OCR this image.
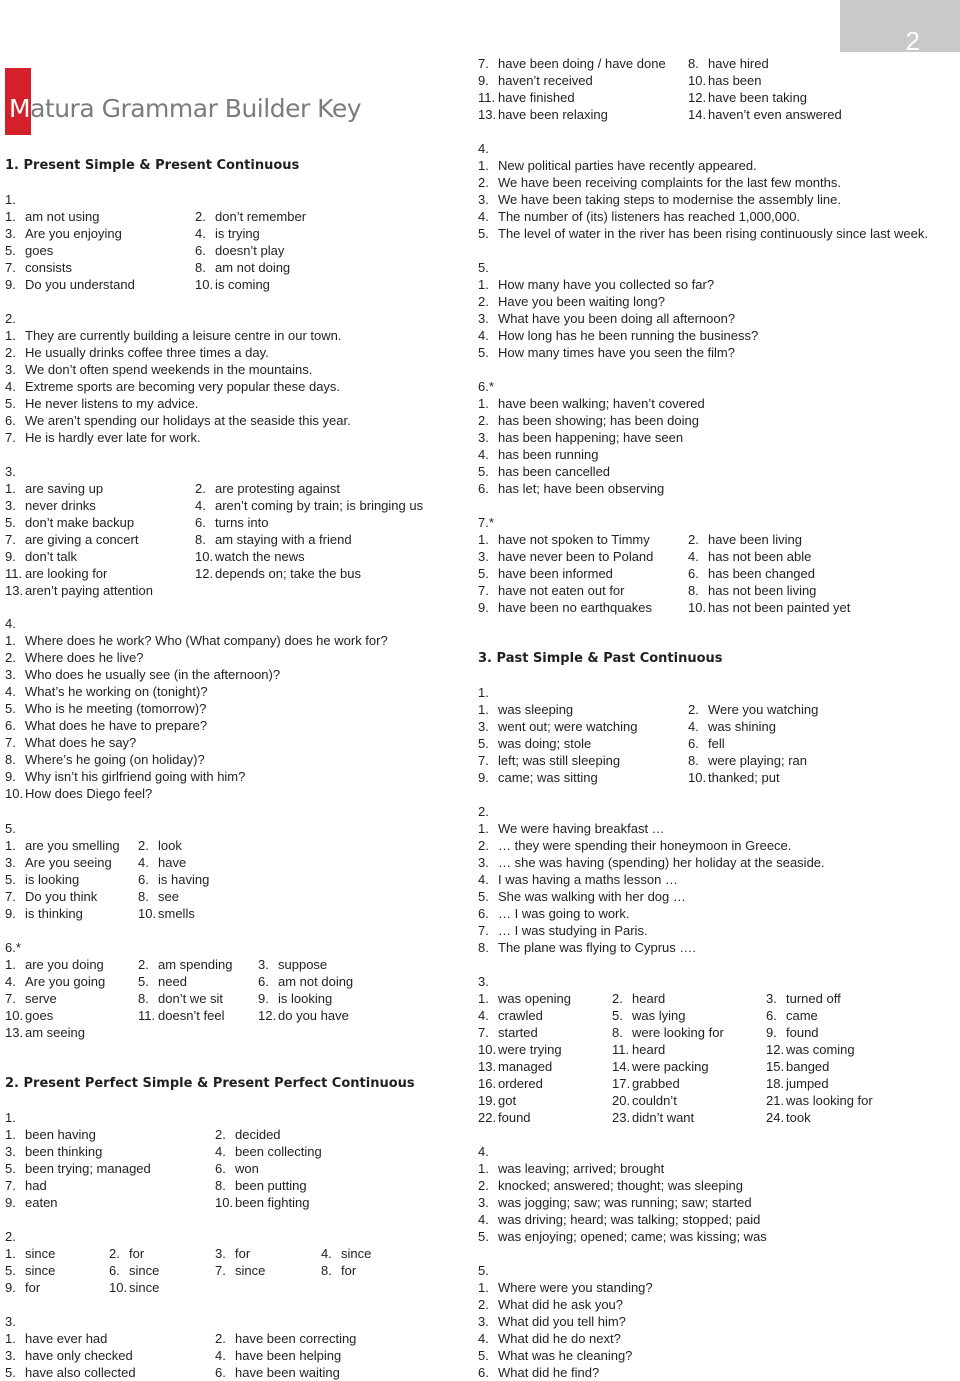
2
Matura Grammar Builder Key
1. Present Simple & Present Continuous
1.
1. am not using	2. don’t remember
3. Are you enjoying	4. is trying
5. goes	6. doesn’t play
7. consists	8. am not doing
9. Do you understand	10. is coming
2.
1. They are currently building a leisure centre in our town.
2. He usually drinks coffee three times a day.
3. We don’t often spend weekends in the mountains.
4. Extreme sports are becoming very popular these days.
5. He never listens to my advice.
6. We aren’t spending our holidays at the seaside this year.
7. He is hardly ever late for work.
3.
1. are saving up	2. are protesting against
3. never drinks	4. aren’t coming by train; is bringing us
5. don’t make backup	6. turns into
7. are giving a concert	8. am staying with a friend
9. don’t talk	10. watch the news
11. are looking for	12. depends on; take the bus
13. aren’t paying attention
4.
1. Where does he work? Who (What company) does he work for?
2. Where does he live?
3. Who does he usually see (in the afternoon)?
4. What’s he working on (tonight)?
5. Who is he meeting (tomorrow)?
6. What does he have to prepare?
7. What does he say?
8. Where’s he going (on holiday)?
9. Why isn’t his girlfriend going with him?
10. How does Diego feel?
5.
1. are you smelling 2. look
3. Are you seeing 4. have
5. is looking	6. is having
7. Do you think	8. see
9. is thinking	10. smells
6.*
1. are you doing	2. am spending 3. suppose
4. Are you going	5. need	6. am not doing
7. serve	8. don’t we sit	9. is looking
10. goes	11. doesn’t feel	12. do you have
13. am seeing
2. Present Perfect Simple & Present Perfect Continuous
1.
1. been having	2. decided
3. been thinking	4. been collecting
5. been trying; managed	6. won
7. had	8. been putting
9. eaten	10. been fighting
2.
1. since	2. for	3. for	4. since
5. since	6. since	7. since	8. for
9. for	10. since
3.
1. have ever had	2. have been correcting
3. have only checked	4. have been helping
5. have also collected	6. have been waiting
7. have been doing / have done 8. have hired
9. haven’t received	10. has been
11. have finished	12. have been taking
13. have been relaxing	14. haven’t even answered
4.
1. New political parties have recently appeared.
2. We have been receiving complaints for the last few months.
3. We have been taking steps to modernise the assembly line.
4. The number of (its) listeners has reached 1,000,000.
5. The level of water in the river has been rising continuously since last week.
5.
1. How many have you collected so far?
2. Have you been waiting long?
3. What have you been doing all afternoon?
4. How long has he been running the business?
5. How many times have you seen the film?
6.*
1. have been walking; haven’t covered
2. has been showing; has been doing
3. has been happening; have seen
4. has been running
5. has been cancelled
6. has let; have been observing
7.*
1. have not spoken to Timmy	2. have been living
3. have never been to Poland	4. has not been able
5. have been informed	6. has been changed
7. have not eaten out for	8. has not been living
9. have been no earthquakes	10. has not been painted yet
3. Past Simple & Past Continuous
1.
1. was sleeping	2. Were you watching
3. went out; were watching	4. was shining
5. was doing; stole	6. fell
7. left; was still sleeping	8. were playing; ran
9. came; was sitting	10. thanked; put
2.
1. We were having breakfast …
2. … they were spending their honeymoon in Greece.
3. … she was having (spending) her holiday at the seaside.
4. I was having a maths lesson …
5. She was walking with her dog …
6. … I was going to work.
7. … I was studying in Paris.
8. The plane was flying to Cyprus ….
3.
1. was opening	2. heard	3. turned off
4. crawled	5. was lying	6. came
7. started	8. were looking for	9. found
10. were trying	11. heard	12. was coming
13. managed	14. were packing	15. banged
16. ordered	17. grabbed	18. jumped
19. got	20. couldn’t	21. was looking for
22. found	23. didn’t want	24. took
4.
1. was leaving; arrived; brought
2. knocked; answered; thought; was sleeping
3. was jogging; saw; was running; saw; started
4. was driving; heard; was talking; stopped; paid
5. was enjoying; opened; came; was kissing; was
5.
1. Where were you standing?
2. What did he ask you?
3. What did you tell him?
4. What did he do next?
5. What was he cleaning?
6. What did he find?
